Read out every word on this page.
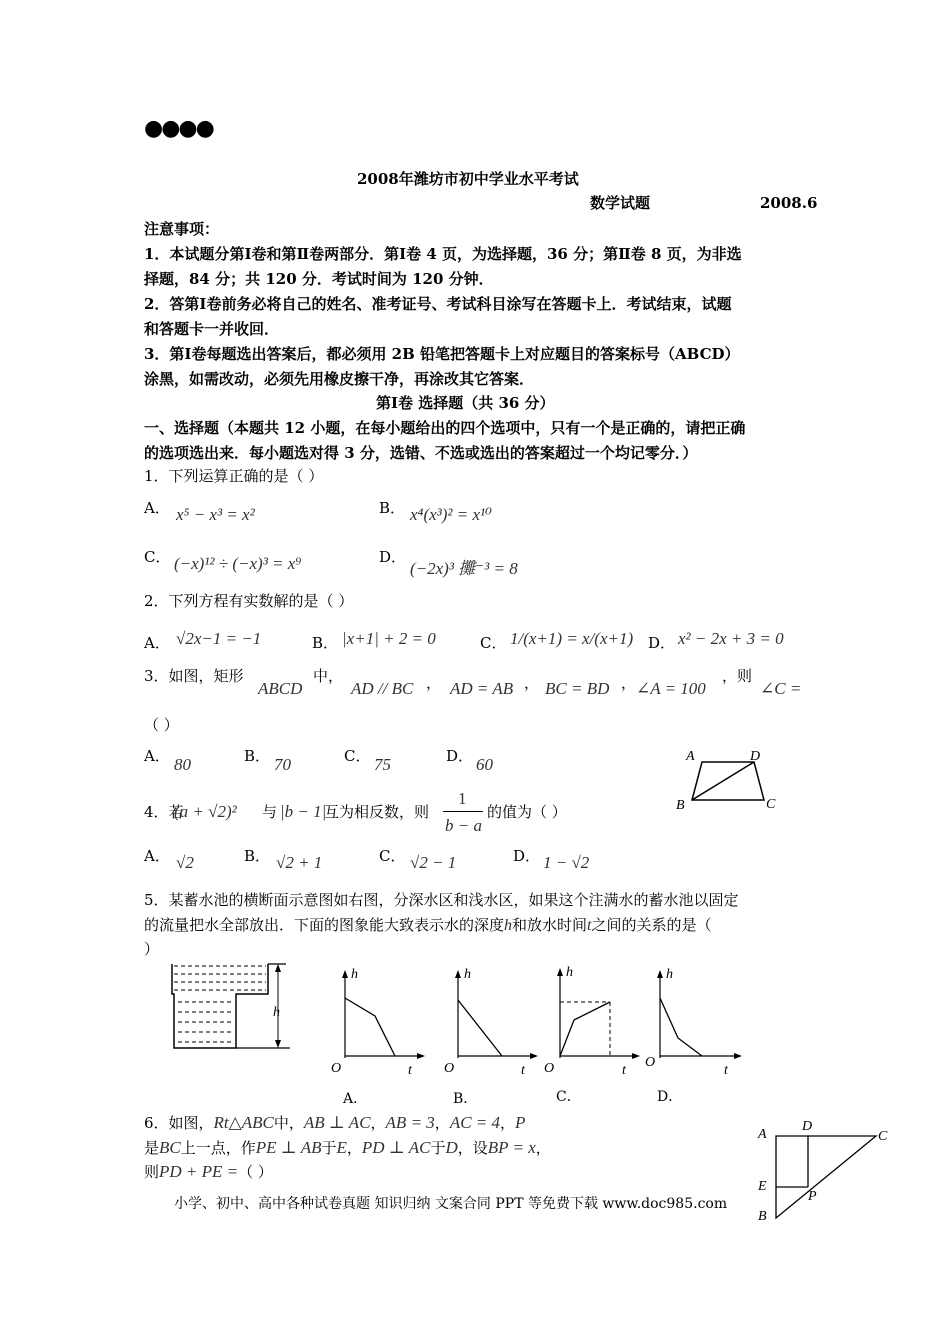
●●●●
2008年潍坊市初中学业水平考试
数学试题	2008.6
注意事项：
1．本试题分第Ⅰ卷和第Ⅱ卷两部分．第Ⅰ卷 4 页，为选择题，36 分；第Ⅱ卷 8 页，为非选
择题，84 分；共 120 分．考试时间为 120 分钟．
2．答第Ⅰ卷前务必将自己的姓名、准考证号、考试科目涂写在答题卡上．考试结束，试题
和答题卡一并收回．
3．第Ⅰ卷每题选出答案后，都必须用 2B 铅笔把答题卡上对应题目的答案标号（ABCD）
涂黑，如需改动，必须先用橡皮擦干净，再涂改其它答案．
第Ⅰ卷 选择题（共 36 分）
一、选择题（本题共 12 小题，在每小题给出的四个选项中，只有一个是正确的，请把正确
的选项选出来．每小题选对得 3 分，选错、不选或选出的答案超过一个均记零分．）
1．下列运算正确的是（ ）
A． x⁵ − x³ = x²	B． x⁴(x³)² = x¹⁰
C． (−x)¹² ÷ (−x)³ = x⁹	D．
(−2x)³ 攤⁻³ = 8
2．下列方程有实数解的是（ ）
A． √2x−1 = −1	B． |x+1| + 2 = 0	C． 1/(x+1) = x/(x+1) D． x² − 2x + 3 = 0
3．如图，矩形
ABCD
中，
AD // BC ， AD = AB ， BC = BD ， ∠A = 100
，则
∠C =
（ ）
A． 80	B． 70	C． 75	D． 60	A	D
B	C
4．若
(a + √2)² 与 |b − 1|
互为相反数，则
1
b − a
的值为（ ）
A． √2	B． √2 + 1	C． √2 − 1	D． 1 − √2
5．某蓄水池的横断面示意图如右图，分深水区和浅水区，如果这个注满水的蓄水池以固定
的流量把水全部放出．下面的图象能大致表示水的深度h和放水时间t之间的关系的是（
）
h
h
t
O
h
t
O
h
t
O
h
t
O
A．	B．	C．	D．
6．如图，Rt△ABC中，AB ⊥ AC，AB = 3，AC = 4，P
是BC上一点，作PE ⊥ AB于E，PD ⊥ AC于D，设BP = x，
则PD + PE =（ ）
A
D
C
E
P
B
小学、初中、高中各种试卷真题 知识归纳 文案合同 PPT 等免费下载 www.doc985.com
